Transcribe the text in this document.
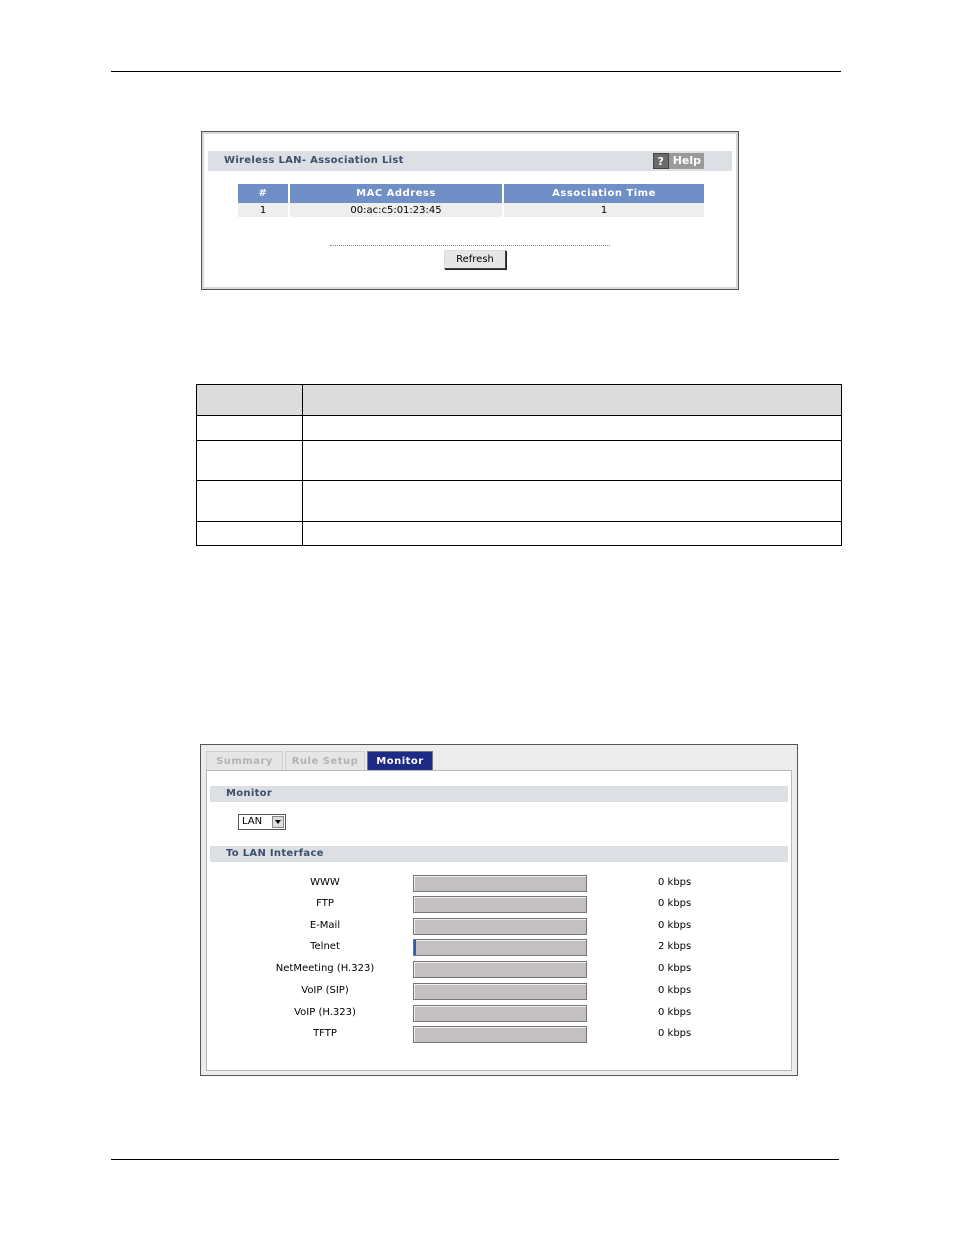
Wireless LAN- Association List	? Help
#	MAC Address	Association Time
1	00:ac:c5:01:23:45	1
Refresh

Summary	Rule Setup	Monitor
Monitor
LAN
To LAN Interface
WWW	0 kbps
FTP	0 kbps
E-Mail	0 kbps
Telnet	2 kbps
NetMeeting (H.323)	0 kbps
VoIP (SIP)	0 kbps
VoIP (H.323)	0 kbps
TFTP	0 kbps
